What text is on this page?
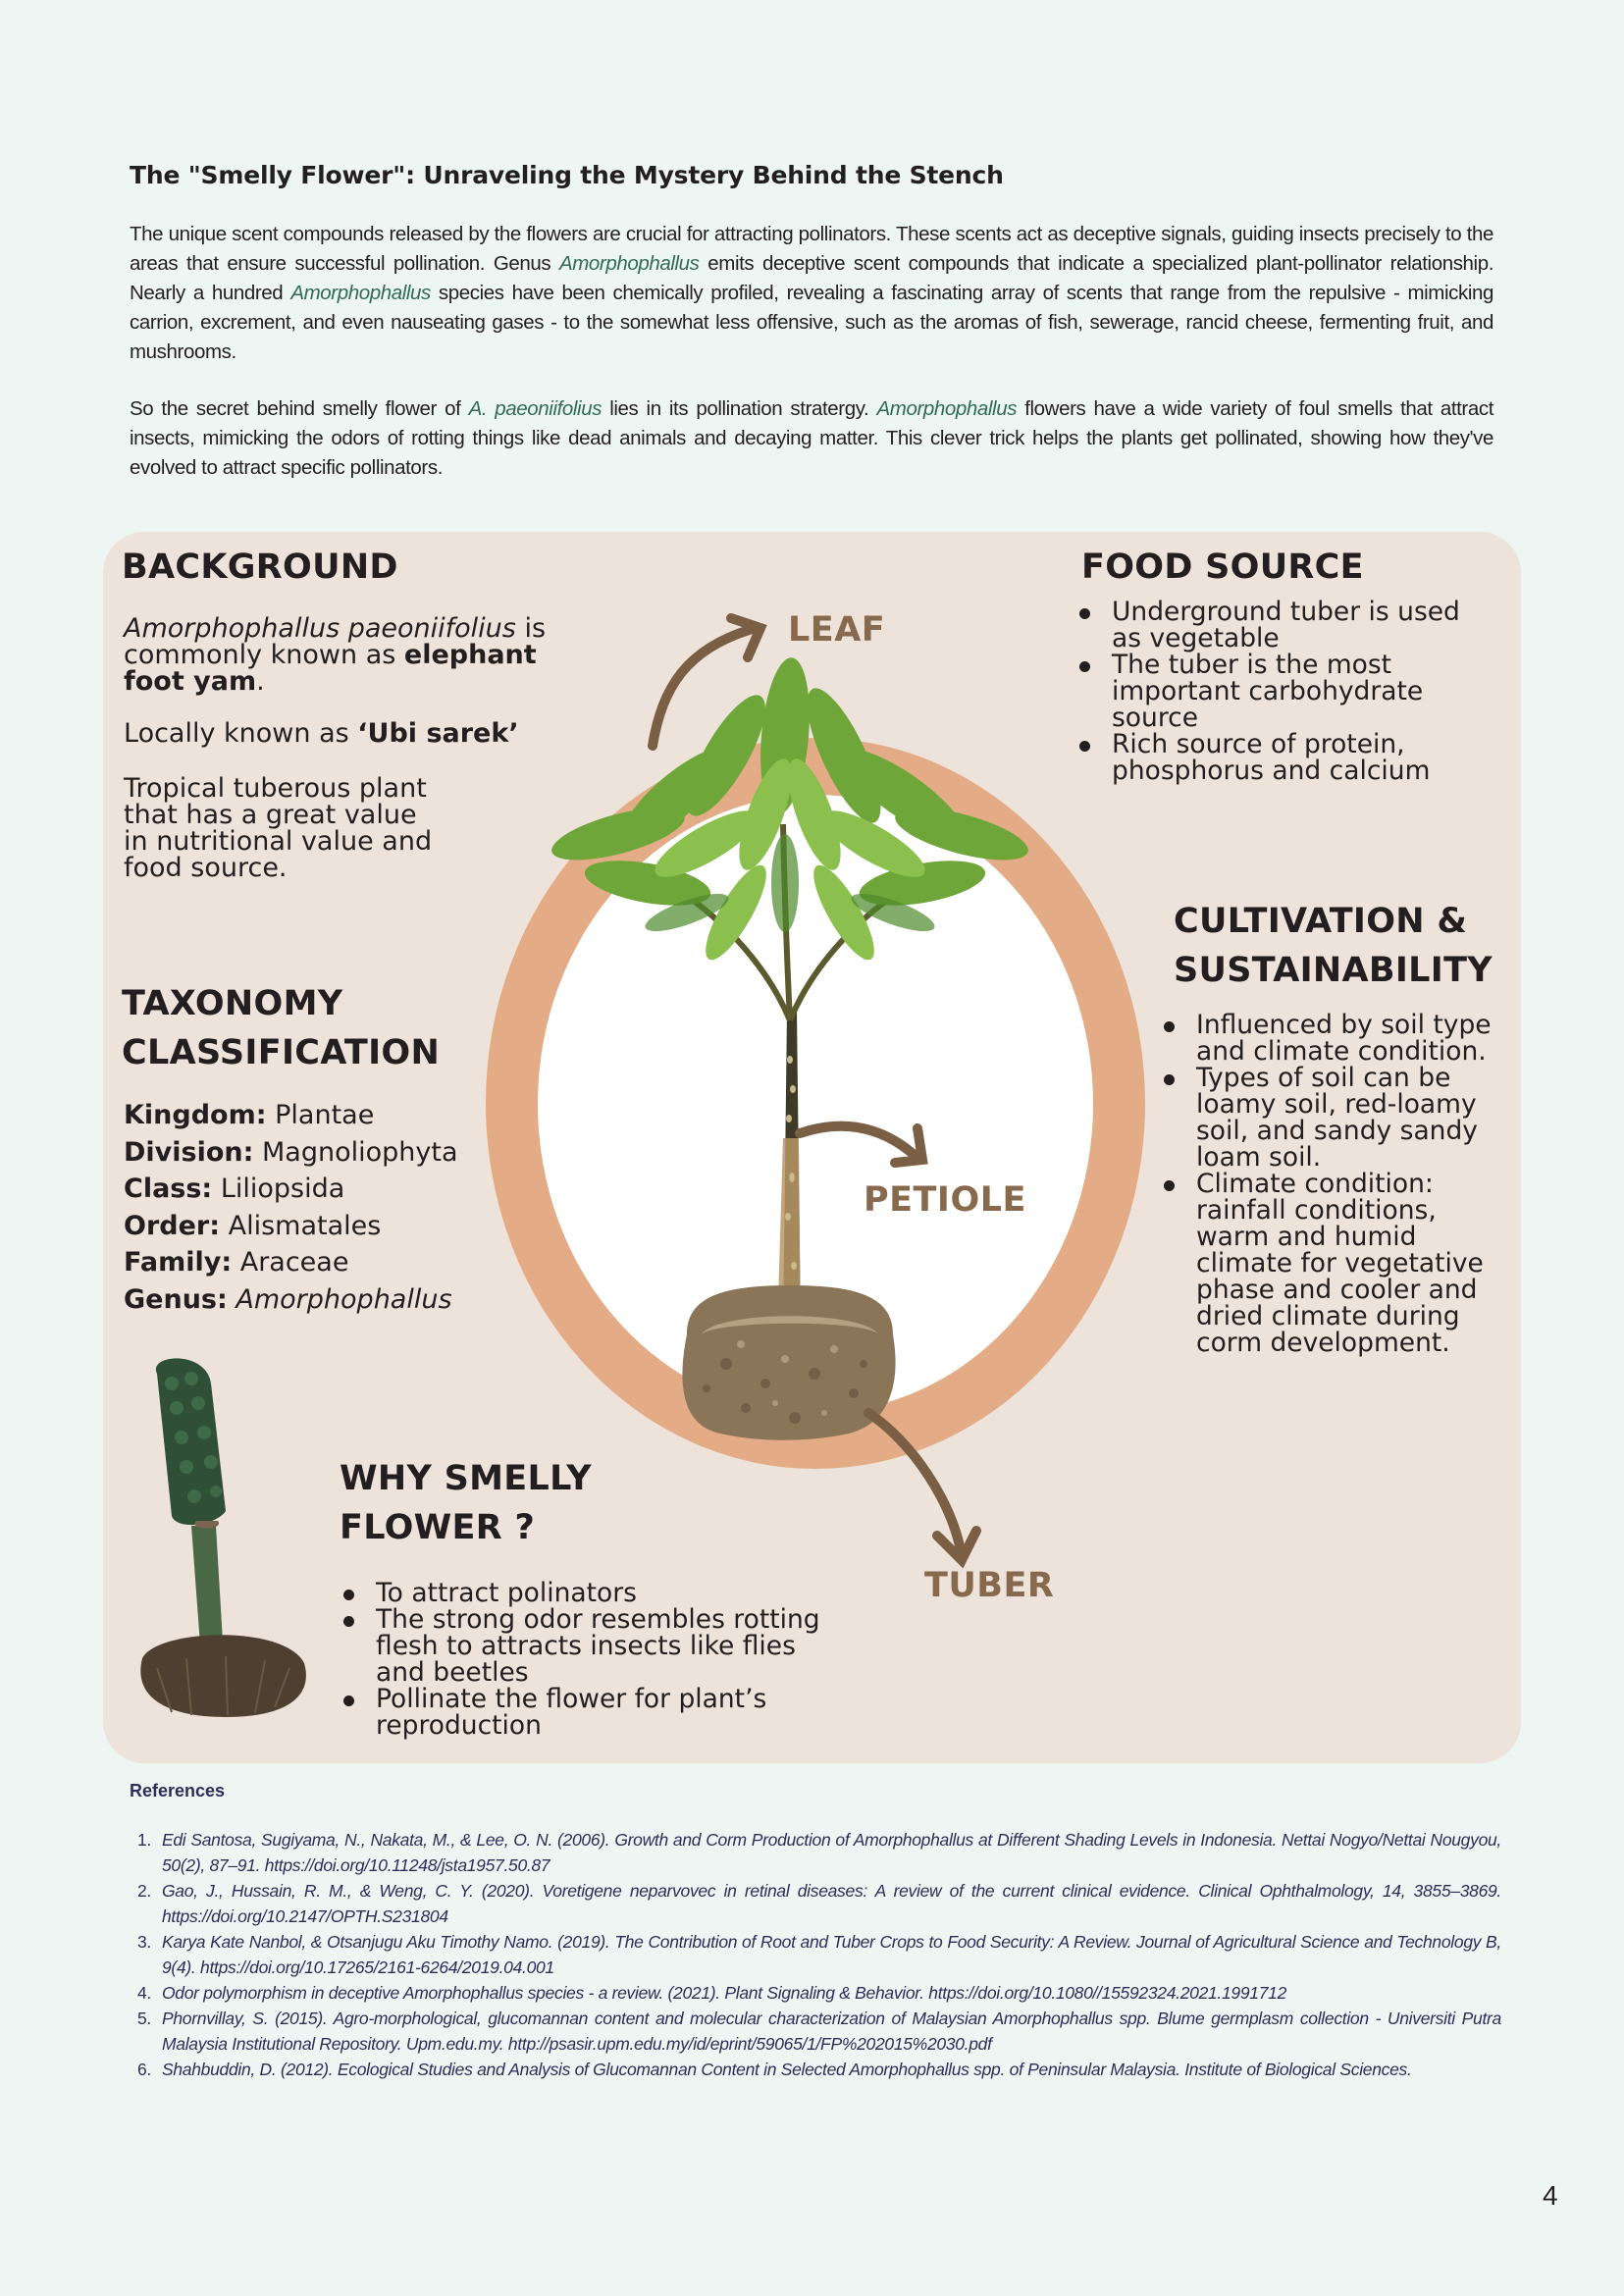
The "Smelly Flower": Unraveling the Mystery Behind the Stench

The unique scent compounds released by the flowers are crucial for attracting pollinators. These scents act as deceptive signals, guiding insects precisely to the areas that ensure successful pollination. Genus Amorphophallus emits deceptive scent compounds that indicate a specialized plant-pollinator relationship. Nearly a hundred Amorphophallus species have been chemically profiled, revealing a fascinating array of scents that range from the repulsive - mimicking carrion, excrement, and even nauseating gases - to the somewhat less offensive, such as the aromas of fish, sewerage, rancid cheese, fermenting fruit, and mushrooms.

So the secret behind smelly flower of A. paeoniifolius lies in its pollination stratergy. Amorphophallus flowers have a wide variety of foul smells that attract insects, mimicking the odors of rotting things like dead animals and decaying matter. This clever trick helps the plants get pollinated, showing how they've evolved to attract specific pollinators.

LEAF
PETIOLE
TUBER
BACKGROUND
Amorphophallus paeoniifolius is commonly known as elephant foot yam.
Locally known as ‘Ubi sarek’
Tropical tuberous plant that has a great value in nutritional value and food source.
FOOD SOURCE
Underground tuber is used as vegetable
The tuber is the most important carbohydrate source
Rich source of protein, phosphorus and calcium
TAXONOMY
CLASSIFICATION
Kingdom: Plantae
Division: Magnoliophyta
Class: Liliopsida
Order: Alismatales
Family: Araceae
Genus: Amorphophallus
CULTIVATION &
SUSTAINABILITY
Influenced by soil type and climate condition.
Types of soil can be loamy soil, red-loamy soil, and sandy sandy loam soil.
Climate condition: rainfall conditions, warm and humid climate for vegetative phase and cooler and dried climate during corm development.
WHY SMELLY
FLOWER ?
To attract polinators
The strong odor resembles rotting flesh to attracts insects like flies and beetles
Pollinate the flower for plant’s reproduction
References
1. Edi Santosa, Sugiyama, N., Nakata, M., & Lee, O. N. (2006). Growth and Corm Production of Amorphophallus at Different Shading Levels in Indonesia. Nettai Nogyo/Nettai Nougyou, 50(2), 87–91. https://doi.org/10.11248/jsta1957.50.87
2. Gao, J., Hussain, R. M., & Weng, C. Y. (2020). Voretigene neparvovec in retinal diseases: A review of the current clinical evidence. Clinical Ophthalmology, 14, 3855–3869. https://doi.org/10.2147/OPTH.S231804
3. Karya Kate Nanbol, & Otsanjugu Aku Timothy Namo. (2019). The Contribution of Root and Tuber Crops to Food Security: A Review. Journal of Agricultural Science and Technology B, 9(4). https://doi.org/10.17265/2161-6264/2019.04.001
4. Odor polymorphism in deceptive Amorphophallus species - a review. (2021). Plant Signaling & Behavior. https://doi.org/10.1080//15592324.2021.1991712
5. Phornvillay, S. (2015). Agro-morphological, glucomannan content and molecular characterization of Malaysian Amorphophallus spp. Blume germplasm collection - Universiti Putra Malaysia Institutional Repository. Upm.edu.my. http://psasir.upm.edu.my/id/eprint/59065/1/FP%202015%2030.pdf
6. Shahbuddin, D. (2012). Ecological Studies and Analysis of Glucomannan Content in Selected Amorphophallus spp. of Peninsular Malaysia. Institute of Biological Sciences.
4
